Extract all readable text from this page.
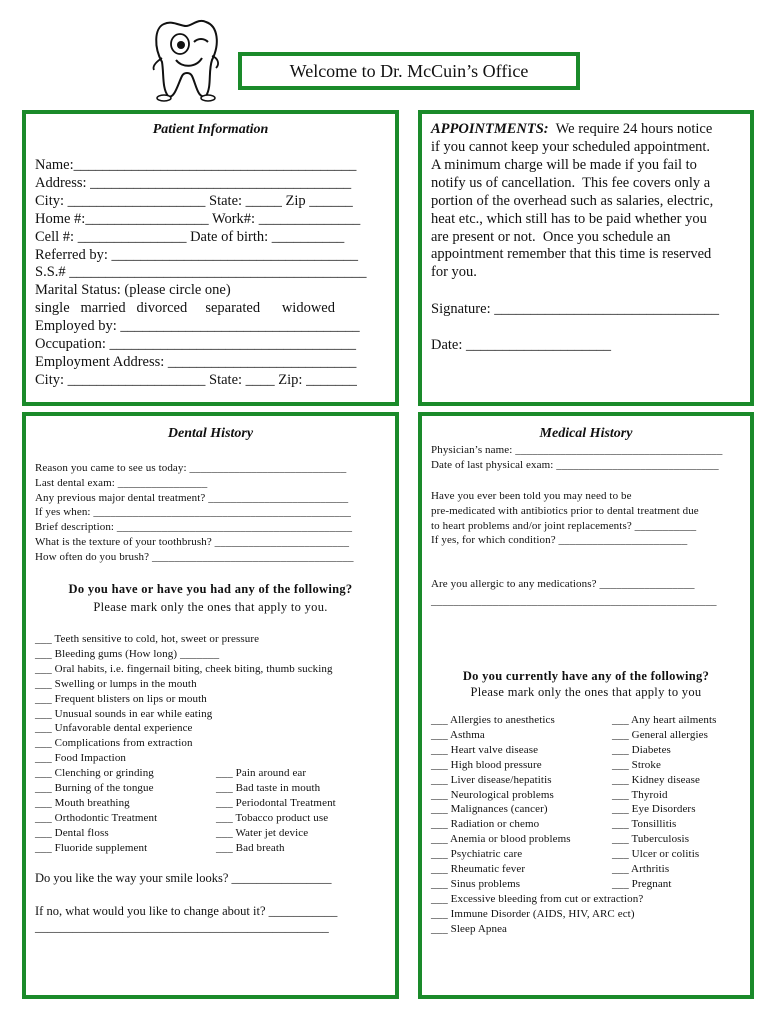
Welcome to Dr. McCuin’s Office
Patient Information
Name:_______________________________________
Address: ____________________________________
City: ___________________ State: _____ Zip ______
Home #:_________________ Work#: ______________
Cell #: _______________ Date of birth: __________
Referred by: __________________________________
S.S.# _________________________________________
Marital Status: (please circle one)
single   married   divorced     separated      widowed
Employed by: _________________________________
Occupation: __________________________________
Employment Address: __________________________
City: ___________________ State: ____ Zip: _______
APPOINTMENTS:  We require 24 hours notice
if you cannot keep your scheduled appointment.
A minimum charge will be made if you fail to
notify us of cancellation.  This fee covers only a
portion of the overhead such as salaries, electric,
heat etc., which still has to be paid whether you
are present or not.  Once you schedule an
appointment remember that this time is reserved
for you.
Signature: _______________________________
Date: ____________________
Dental History
Reason you came to see us today: ____________________________
Last dental exam: ________________
Any previous major dental treatment? _________________________
If yes when: ______________________________________________
Brief description: __________________________________________
What is the texture of your toothbrush? ________________________
How often do you brush? ____________________________________
Do you have or have you had any of the following?
Please mark only the ones that apply to you.
___ Teeth sensitive to cold, hot, sweet or pressure
___ Bleeding gums (How long) _______
___ Oral habits, i.e. fingernail biting, cheek biting, thumb sucking
___ Swelling or lumps in the mouth
___ Frequent blisters on lips or mouth
___ Unusual sounds in ear while eating
___ Unfavorable dental experience
___ Complications from extraction
___ Food Impaction
___ Clenching or grinding
___ Burning of the tongue
___ Mouth breathing
___ Orthodontic Treatment
___ Dental floss
___ Fluoride supplement
___ Pain around ear
___ Bad taste in mouth
___ Periodontal Treatment
___ Tobacco product use
___ Water jet device
___ Bad breath
Do you like the way your smile looks? ________________
If no, what would you like to change about it? ___________
_______________________________________________
Medical History
Physician’s name: _____________________________________
Date of last physical exam: _____________________________
Have you ever been told you may need to be
pre-medicated with antibiotics prior to dental treatment due
to heart problems and/or joint replacements? ___________
If yes, for which condition? _______________________
Are you allergic to any medications? _________________
___________________________________________________
Do you currently have any of the following?
Please mark only the ones that apply to you
___ Allergies to anesthetics
___ Asthma
___ Heart valve disease
___ High blood pressure
___ Liver disease/hepatitis
___ Neurological problems
___ Malignances (cancer)
___ Radiation or chemo
___ Anemia or blood problems
___ Psychiatric care
___ Rheumatic fever
___ Sinus problems
___ Any heart ailments
___ General allergies
___ Diabetes
___ Stroke
___ Kidney disease
___ Thyroid
___ Eye Disorders
___ Tonsillitis
___ Tuberculosis
___ Ulcer or colitis
___ Arthritis
___ Pregnant
___ Excessive bleeding from cut or extraction?
___ Immune Disorder (AIDS, HIV, ARC ect)
___ Sleep Apnea
